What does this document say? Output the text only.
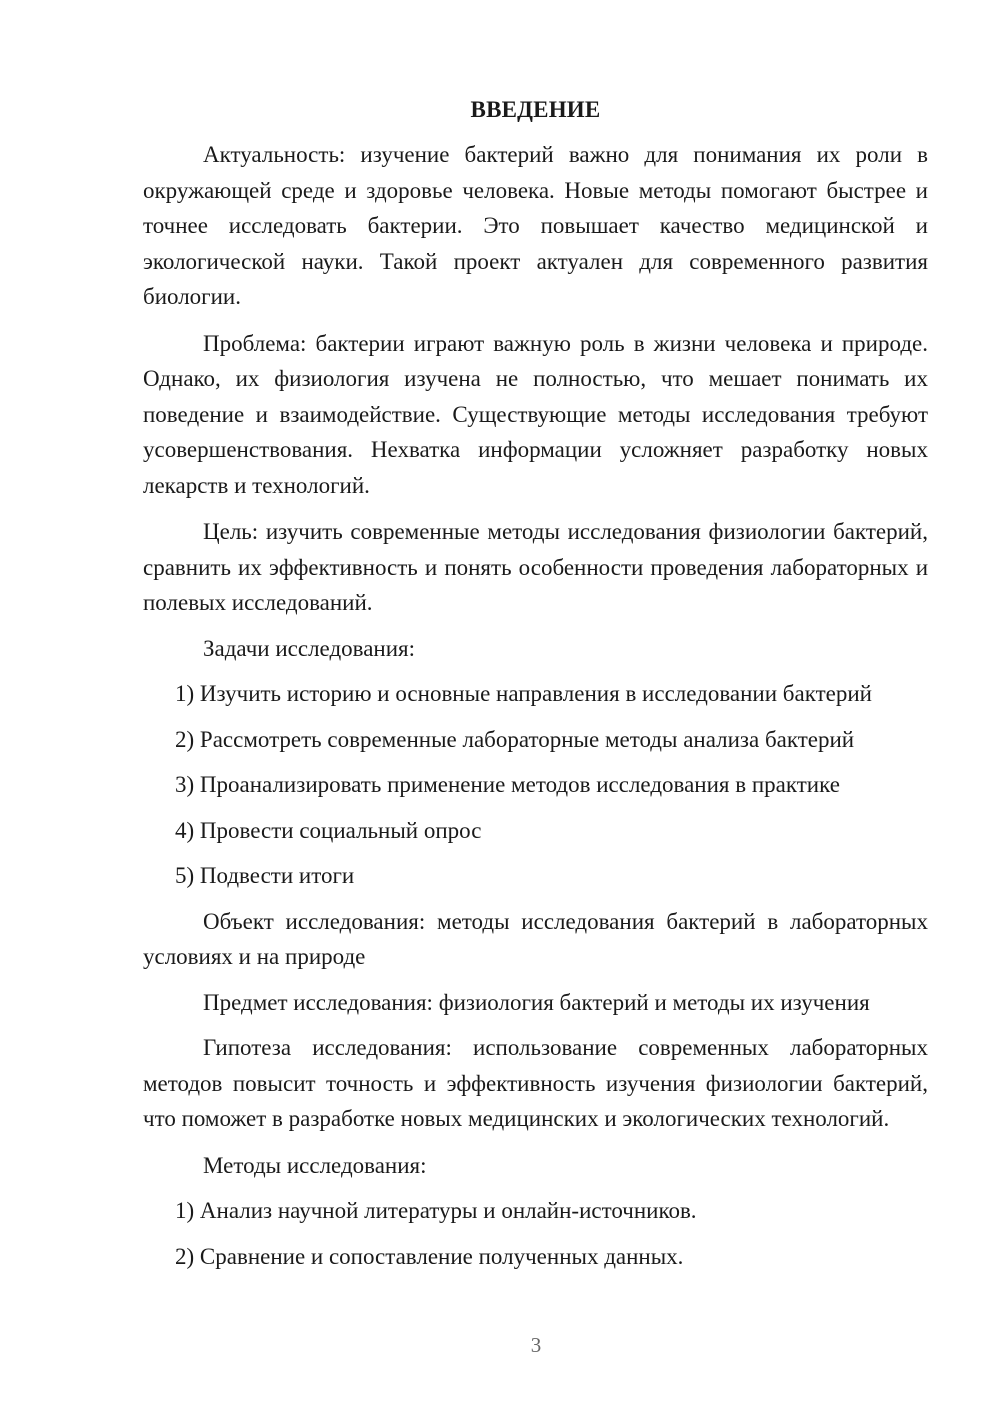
ВВЕДЕНИЕ

Актуальность: изучение бактерий важно для понимания их роли в окружающей среде и здоровье человека. Новые методы помогают быстрее и точнее исследовать бактерии. Это повышает качество медицинской и экологической науки. Такой проект актуален для современного развития биологии.

Проблема: бактерии играют важную роль в жизни человека и природе. Однако, их физиология изучена не полностью, что мешает понимать их поведение и взаимодействие. Существующие методы исследования требуют усовершенствования. Нехватка информации усложняет разработку новых лекарств и технологий.

Цель: изучить современные методы исследования физиологии бактерий, сравнить их эффективность и понять особенности проведения лабораторных и полевых исследований.

Задачи исследования:

1) Изучить историю и основные направления в исследовании бактерий
2) Рассмотреть современные лабораторные методы анализа бактерий
3) Проанализировать применение методов исследования в практике
4) Провести социальный опрос
5) Подвести итоги

Объект исследования: методы исследования бактерий в лабораторных условиях и на природе

Предмет исследования: физиология бактерий и методы их изучения

Гипотеза исследования: использование современных лабораторных методов повысит точность и эффективность изучения физиологии бактерий, что поможет в разработке новых медицинских и экологических технологий.

Методы исследования:

1) Анализ научной литературы и онлайн-источников.
2) Сравнение и сопоставление полученных данных.
3
